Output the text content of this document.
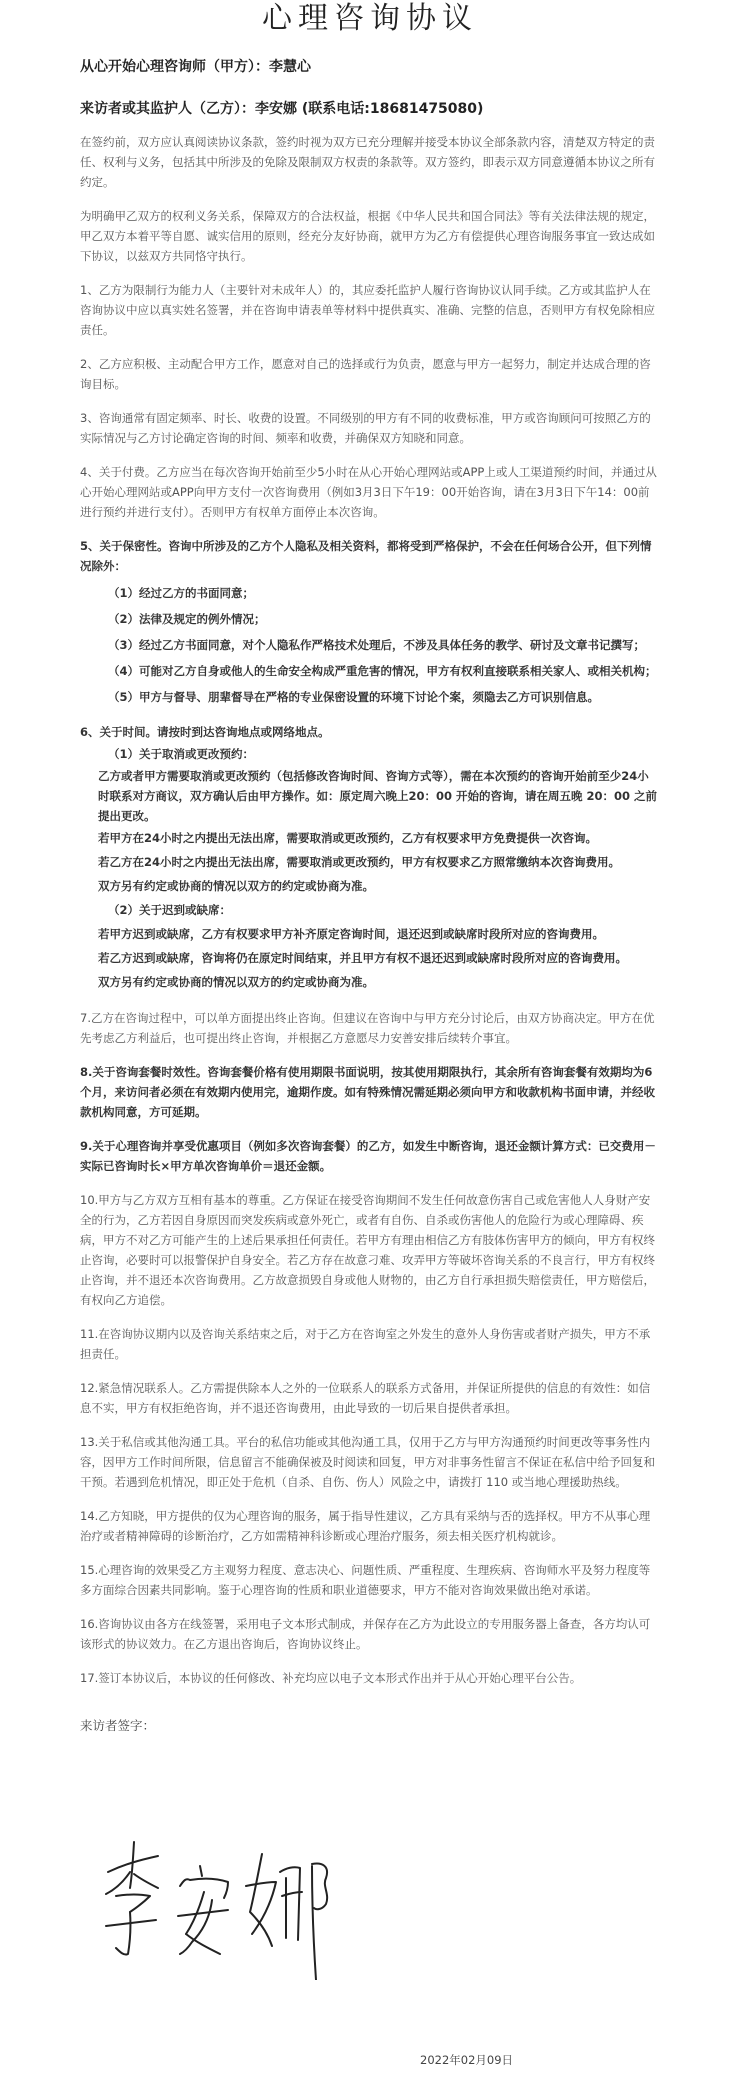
心理咨询协议

从心开始心理咨询师（甲方）：李慧心

来访者或其监护人（乙方）：李安娜 (联系电话:18681475080)

在签约前，双方应认真阅读协议条款，签约时视为双方已充分理解并接受本协议全部条款内容，清楚双方特定的责任、权利与义务，包括其中所涉及的免除及限制双方权责的条款等。双方签约，即表示双方同意遵循本协议之所有约定。

为明确甲乙双方的权利义务关系，保障双方的合法权益，根据《中华人民共和国合同法》等有关法律法规的规定，甲乙双方本着平等自愿、诚实信用的原则，经充分友好协商，就甲方为乙方有偿提供心理咨询服务事宜一致达成如下协议，以兹双方共同恪守执行。

1、乙方为限制行为能力人（主要针对未成年人）的，其应委托监护人履行咨询协议认同手续。乙方或其监护人在咨询协议中应以真实姓名签署，并在咨询申请表单等材料中提供真实、准确、完整的信息，否则甲方有权免除相应责任。

2、乙方应积极、主动配合甲方工作，愿意对自己的选择或行为负责，愿意与甲方一起努力，制定并达成合理的咨询目标。

3、咨询通常有固定频率、时长、收费的设置。不同级别的甲方有不同的收费标准，甲方或咨询顾问可按照乙方的实际情况与乙方讨论确定咨询的时间、频率和收费，并确保双方知晓和同意。

4、关于付费。乙方应当在每次咨询开始前至少5小时在从心开始心理网站或APP上或人工渠道预约时间，并通过从心开始心理网站或APP向甲方支付一次咨询费用（例如3月3日下午19：00开始咨询，请在3月3日下午14：00前进行预约并进行支付）。否则甲方有权单方面停止本次咨询。

5、关于保密性。咨询中所涉及的乙方个人隐私及相关资料，都将受到严格保护，不会在任何场合公开，但下列情况除外：

（1）经过乙方的书面同意；

（2）法律及规定的例外情况；

（3）经过乙方书面同意，对个人隐私作严格技术处理后，不涉及具体任务的教学、研讨及文章书记撰写；

（4）可能对乙方自身或他人的生命安全构成严重危害的情况，甲方有权利直接联系相关家人、或相关机构；

（5）甲方与督导、朋辈督导在严格的专业保密设置的环境下讨论个案，须隐去乙方可识别信息。

6、关于时间。请按时到达咨询地点或网络地点。

（1）关于取消或更改预约：

乙方或者甲方需要取消或更改预约（包括修改咨询时间、咨询方式等），需在本次预约的咨询开始前至少24小时联系对方商议，双方确认后由甲方操作。如：原定周六晚上20：00 开始的咨询，请在周五晚 20：00 之前提出更改。

若甲方在24小时之内提出无法出席，需要取消或更改预约，乙方有权要求甲方免费提供一次咨询。

若乙方在24小时之内提出无法出席，需要取消或更改预约，甲方有权要求乙方照常缴纳本次咨询费用。

双方另有约定或协商的情况以双方的约定或协商为准。

（2）关于迟到或缺席：

若甲方迟到或缺席，乙方有权要求甲方补齐原定咨询时间，退还迟到或缺席时段所对应的咨询费用。

若乙方迟到或缺席，咨询将仍在原定时间结束，并且甲方有权不退还迟到或缺席时段所对应的咨询费用。

双方另有约定或协商的情况以双方的约定或协商为准。

7.乙方在咨询过程中，可以单方面提出终止咨询。但建议在咨询中与甲方充分讨论后，由双方协商决定。甲方在优先考虑乙方利益后，也可提出终止咨询，并根据乙方意愿尽力安善安排后续转介事宜。

8.关于咨询套餐时效性。咨询套餐价格有使用期限书面说明，按其使用期限执行，其余所有咨询套餐有效期均为6个月，来访问者必须在有效期内使用完，逾期作废。如有特殊情况需延期必须向甲方和收款机构书面申请，并经收款机构同意，方可延期。

9.关于心理咨询并享受优惠项目（例如多次咨询套餐）的乙方，如发生中断咨询，退还金额计算方式：已交费用－实际已咨询时长×甲方单次咨询单价＝退还金额。

10.甲方与乙方双方互相有基本的尊重。乙方保证在接受咨询期间不发生任何故意伤害自己或危害他人人身财产安全的行为，乙方若因自身原因而突发疾病或意外死亡，或者有自伤、自杀或伤害他人的危险行为或心理障碍、疾病，甲方不对乙方可能产生的上述后果承担任何责任。若甲方有理由相信乙方有肢体伤害甲方的倾向，甲方有权终止咨询，必要时可以报警保护自身安全。若乙方存在故意刁难、攻弄甲方等破坏咨询关系的不良言行，甲方有权终止咨询，并不退还本次咨询费用。乙方故意损毁自身或他人财物的，由乙方自行承担损失赔偿责任，甲方赔偿后，有权向乙方追偿。

11.在咨询协议期内以及咨询关系结束之后，对于乙方在咨询室之外发生的意外人身伤害或者财产损失，甲方不承担责任。

12.紧急情况联系人。乙方需提供除本人之外的一位联系人的联系方式备用，并保证所提供的信息的有效性：如信息不实，甲方有权拒绝咨询，并不退还咨询费用，由此导致的一切后果自提供者承担。

13.关于私信或其他沟通工具。平台的私信功能或其他沟通工具，仅用于乙方与甲方沟通预约时间更改等事务性内容，因甲方工作时间所限，信息留言不能确保被及时阅读和回复，甲方对非事务性留言不保证在私信中给予回复和干预。若遇到危机情况，即正处于危机（自杀、自伤、伤人）风险之中，请拨打 110 或当地心理援助热线。

14.乙方知晓，甲方提供的仅为心理咨询的服务，属于指导性建议，乙方具有采纳与否的选择权。甲方不从事心理治疗或者精神障碍的诊断治疗，乙方如需精神科诊断或心理治疗服务，须去相关医疗机构就诊。

15.心理咨询的效果受乙方主观努力程度、意志决心、问题性质、严重程度、生理疾病、咨询师水平及努力程度等多方面综合因素共同影响。鉴于心理咨询的性质和职业道德要求，甲方不能对咨询效果做出绝对承诺。

16.咨询协议由各方在线签署，采用电子文本形式制成，并保存在乙方为此设立的专用服务器上备查，各方均认可该形式的协议效力。在乙方退出咨询后，咨询协议终止。

17.签订本协议后，本协议的任何修改、补充均应以电子文本形式作出并于从心开始心理平台公告。

来访者签字：

2022年02月09日
